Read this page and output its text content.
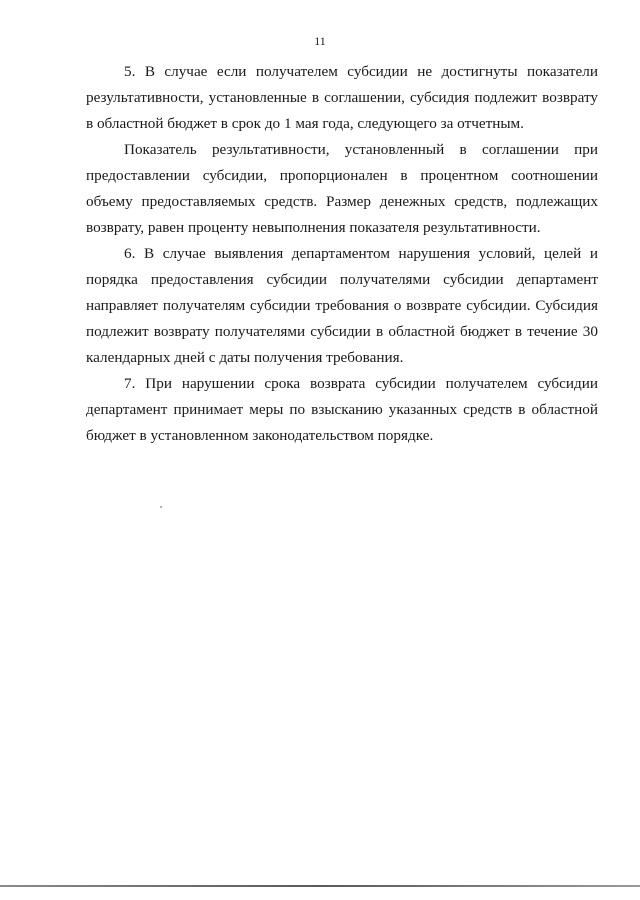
11
5. В случае если получателем субсидии не достигнуты показатели
результативности, установленные в соглашении, субсидия подлежит возврату
в областной бюджет в срок до 1 мая года, следующего за отчетным.
Показатель результативности, установленный в соглашении при
предоставлении субсидии, пропорционален в процентном соотношении
объему предоставляемых средств. Размер денежных средств, подлежащих
возврату, равен проценту невыполнения показателя результативности.
6. В случае выявления департаментом нарушения условий, целей и
порядка предоставления субсидии получателями субсидии департамент
направляет получателям субсидии требования о возврате субсидии. Субсидия
подлежит возврату получателями субсидии в областной бюджет в течение 30
календарных дней с даты получения требования.
7. При нарушении срока возврата субсидии получателем субсидии
департамент принимает меры по взысканию указанных средств в областной
бюджет в установленном законодательством порядке.
